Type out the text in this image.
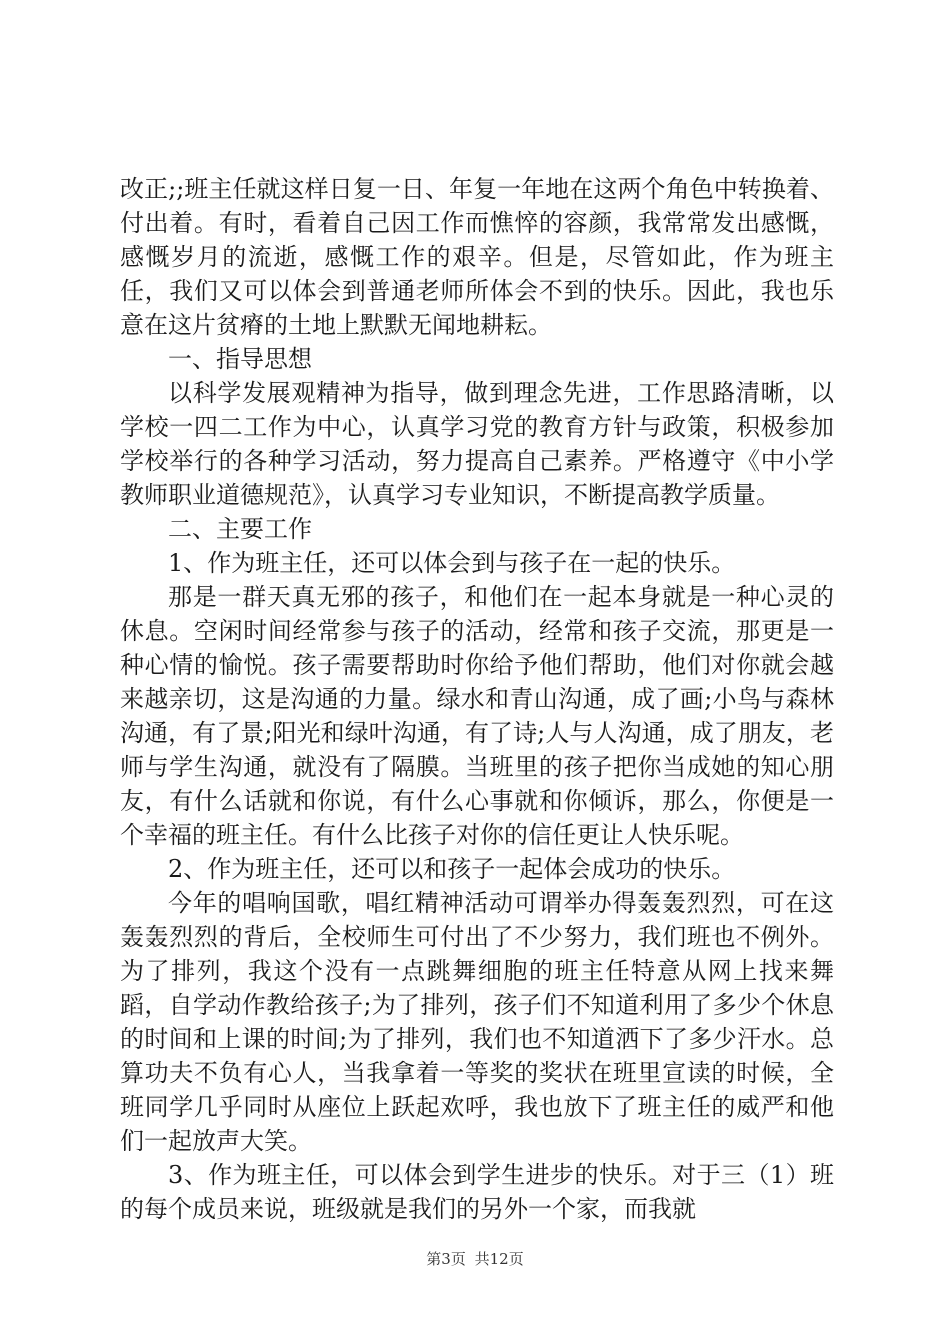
改正;;班主任就这样日复一日、年复一年地在这两个角色中转换着、付出着。有时，看着自己因工作而憔悴的容颜，我常常发出感慨，感慨岁月的流逝，感慨工作的艰辛。但是，尽管如此，作为班主任，我们又可以体会到普通老师所体会不到的快乐。因此，我也乐意在这片贫瘠的土地上默默无闻地耕耘。

一、指导思想

以科学发展观精神为指导，做到理念先进，工作思路清晰，以学校一四二工作为中心，认真学习党的教育方针与政策，积极参加学校举行的各种学习活动，努力提高自己素养。严格遵守《中小学教师职业道德规范》，认真学习专业知识，不断提高教学质量。

二、主要工作

1、作为班主任，还可以体会到与孩子在一起的快乐。

那是一群天真无邪的孩子，和他们在一起本身就是一种心灵的休息。空闲时间经常参与孩子的活动，经常和孩子交流，那更是一种心情的愉悦。孩子需要帮助时你给予他们帮助，他们对你就会越来越亲切，这是沟通的力量。绿水和青山沟通，成了画;小鸟与森林沟通，有了景;阳光和绿叶沟通，有了诗;人与人沟通，成了朋友，老师与学生沟通，就没有了隔膜。当班里的孩子把你当成她的知心朋友，有什么话就和你说，有什么心事就和你倾诉，那么，你便是一个幸福的班主任。有什么比孩子对你的信任更让人快乐呢。

2、作为班主任，还可以和孩子一起体会成功的快乐。

今年的唱响国歌，唱红精神活动可谓举办得轰轰烈烈，可在这轰轰烈烈的背后，全校师生可付出了不少努力，我们班也不例外。为了排列，我这个没有一点跳舞细胞的班主任特意从网上找来舞蹈，自学动作教给孩子;为了排列，孩子们不知道利用了多少个休息的时间和上课的时间;为了排列，我们也不知道洒下了多少汗水。总算功夫不负有心人，当我拿着一等奖的奖状在班里宣读的时候，全班同学几乎同时从座位上跃起欢呼，我也放下了班主任的威严和他们一起放声大笑。

3、作为班主任，可以体会到学生进步的快乐。对于三（1）班的每个成员来说，班级就是我们的另外一个家，而我就

第3页 共12页
